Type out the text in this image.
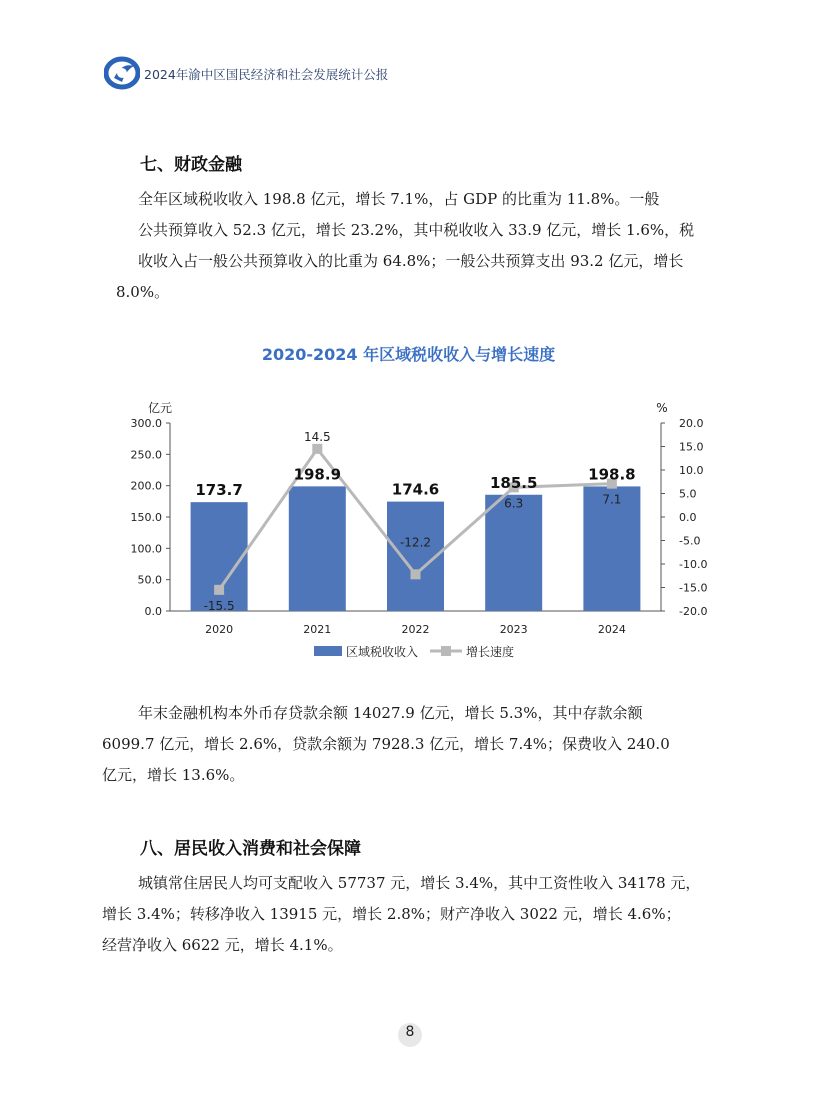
2024年渝中区国民经济和社会发展统计公报
七、财政金融
全年区域税收收入 198.8 亿元，增长 7.1%，占 GDP 的比重为 11.8%。一般
公共预算收入 52.3 亿元，增长 23.2%，其中税收收入 33.9 亿元，增长 1.6%，税
收收入占一般公共预算收入的比重为 64.8%；一般公共预算支出 93.2 亿元，增长
8.0%。
2020-2024 年区域税收收入与增长速度
亿元	%
0.0
50.0
100.0
150.0
200.0
250.0
300.0
-20.0
-15.0
-10.0
-5.0
0.0
5.0
10.0
15.0
20.0
2020	2021	2022	2023	2024
173.7
198.9
174.6	185.5	198.8
-15.5
14.5
-12.2
6.3	7.1
区域税收收入	增长速度
年末金融机构本外币存贷款余额 14027.9 亿元，增长 5.3%，其中存款余额
6099.7 亿元，增长 2.6%，贷款余额为 7928.3 亿元，增长 7.4%；保费收入 240.0
亿元，增长 13.6%。
八、居民收入消费和社会保障
城镇常住居民人均可支配收入 57737 元，增长 3.4%，其中工资性收入 34178 元，
增长 3.4%；转移净收入 13915 元，增长 2.8%；财产净收入 3022 元，增长 4.6%；
经营净收入 6622 元，增长 4.1%。
8
